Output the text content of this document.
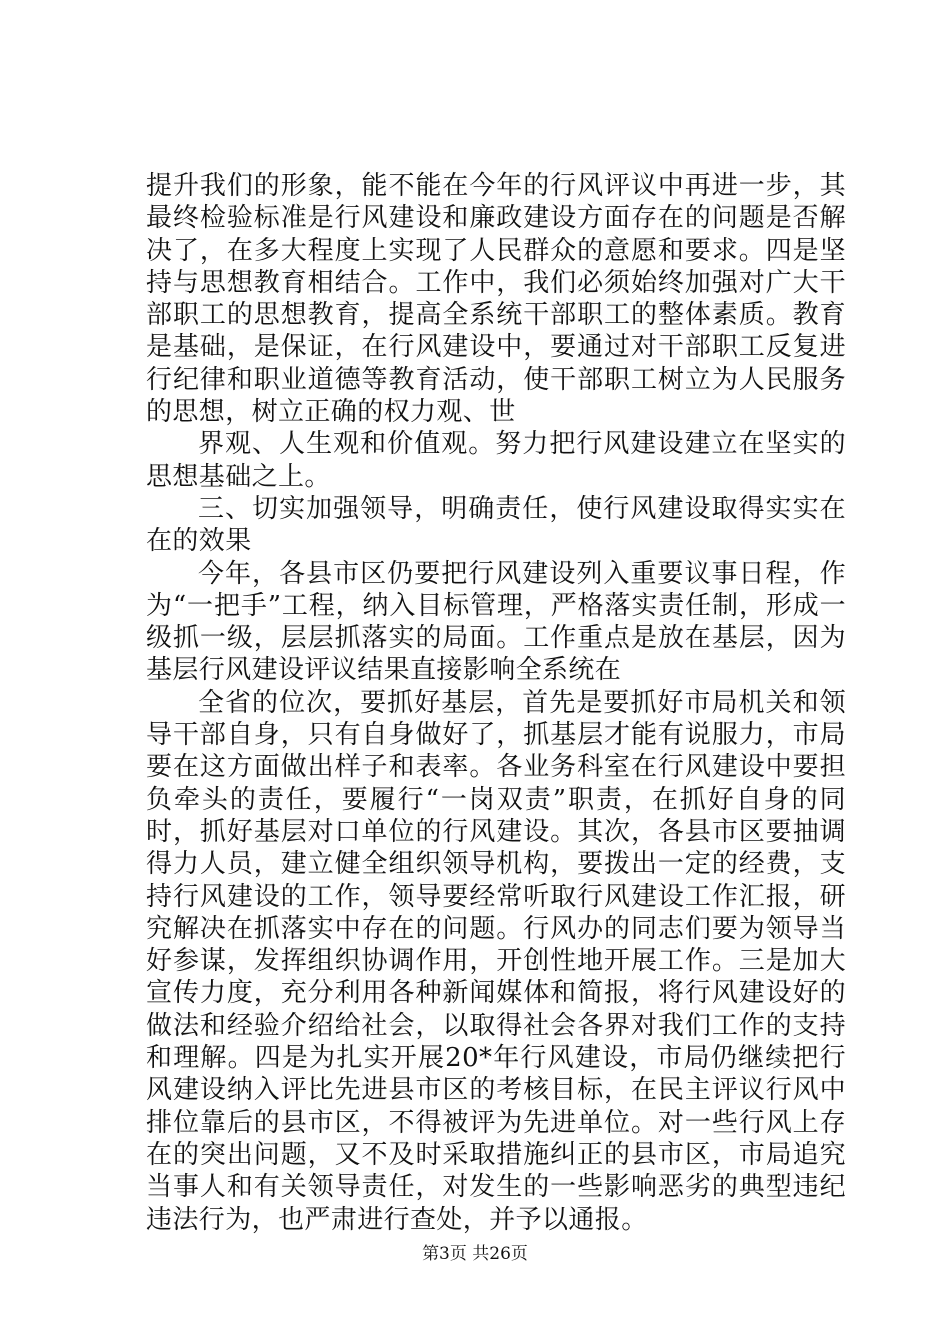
提升我们的形象，能不能在今年的行风评议中再进一步，其最终检验标准是行风建设和廉政建设方面存在的问题是否解决了，在多大程度上实现了人民群众的意愿和要求。四是坚持与思想教育相结合。工作中，我们必须始终加强对广大干部职工的思想教育，提高全系统干部职工的整体素质。教育是基础，是保证，在行风建设中，要通过对干部职工反复进行纪律和职业道德等教育活动，使干部职工树立为人民服务的思想，树立正确的权力观、世

界观、人生观和价值观。努力把行风建设建立在坚实的思想基础之上。

三、切实加强领导，明确责任，使行风建设取得实实在在的效果

今年，各县市区仍要把行风建设列入重要议事日程，作为“一把手”工程，纳入目标管理，严格落实责任制，形成一级抓一级，层层抓落实的局面。工作重点是放在基层，因为基层行风建设评议结果直接影响全系统在

全省的位次，要抓好基层，首先是要抓好市局机关和领导干部自身，只有自身做好了，抓基层才能有说服力，市局要在这方面做出样子和表率。各业务科室在行风建设中要担负牵头的责任，要履行“一岗双责”职责，在抓好自身的同时，抓好基层对口单位的行风建设。其次，各县市区要抽调得力人员，建立健全组织领导机构，要拨出一定的经费，支持行风建设的工作，领导要经常听取行风建设工作汇报，研究解决在抓落实中存在的问题。行风办的同志们要为领导当好参谋，发挥组织协调作用，开创性地开展工作。三是加大宣传力度，充分利用各种新闻媒体和简报，将行风建设好的做法和经验介绍给社会，以取得社会各界对我们工作的支持和理解。四是为扎实开展20*年行风建设，市局仍继续把行风建设纳入评比先进县市区的考核目标，在民主评议行风中排位靠后的县市区，不得被评为先进单位。对一些行风上存在的突出问题，又不及时采取措施纠正的县市区，市局追究当事人和有关领导责任，对发生的一些影响恶劣的典型违纪违法行为，也严肃进行查处，并予以通报。

第3页 共26页
